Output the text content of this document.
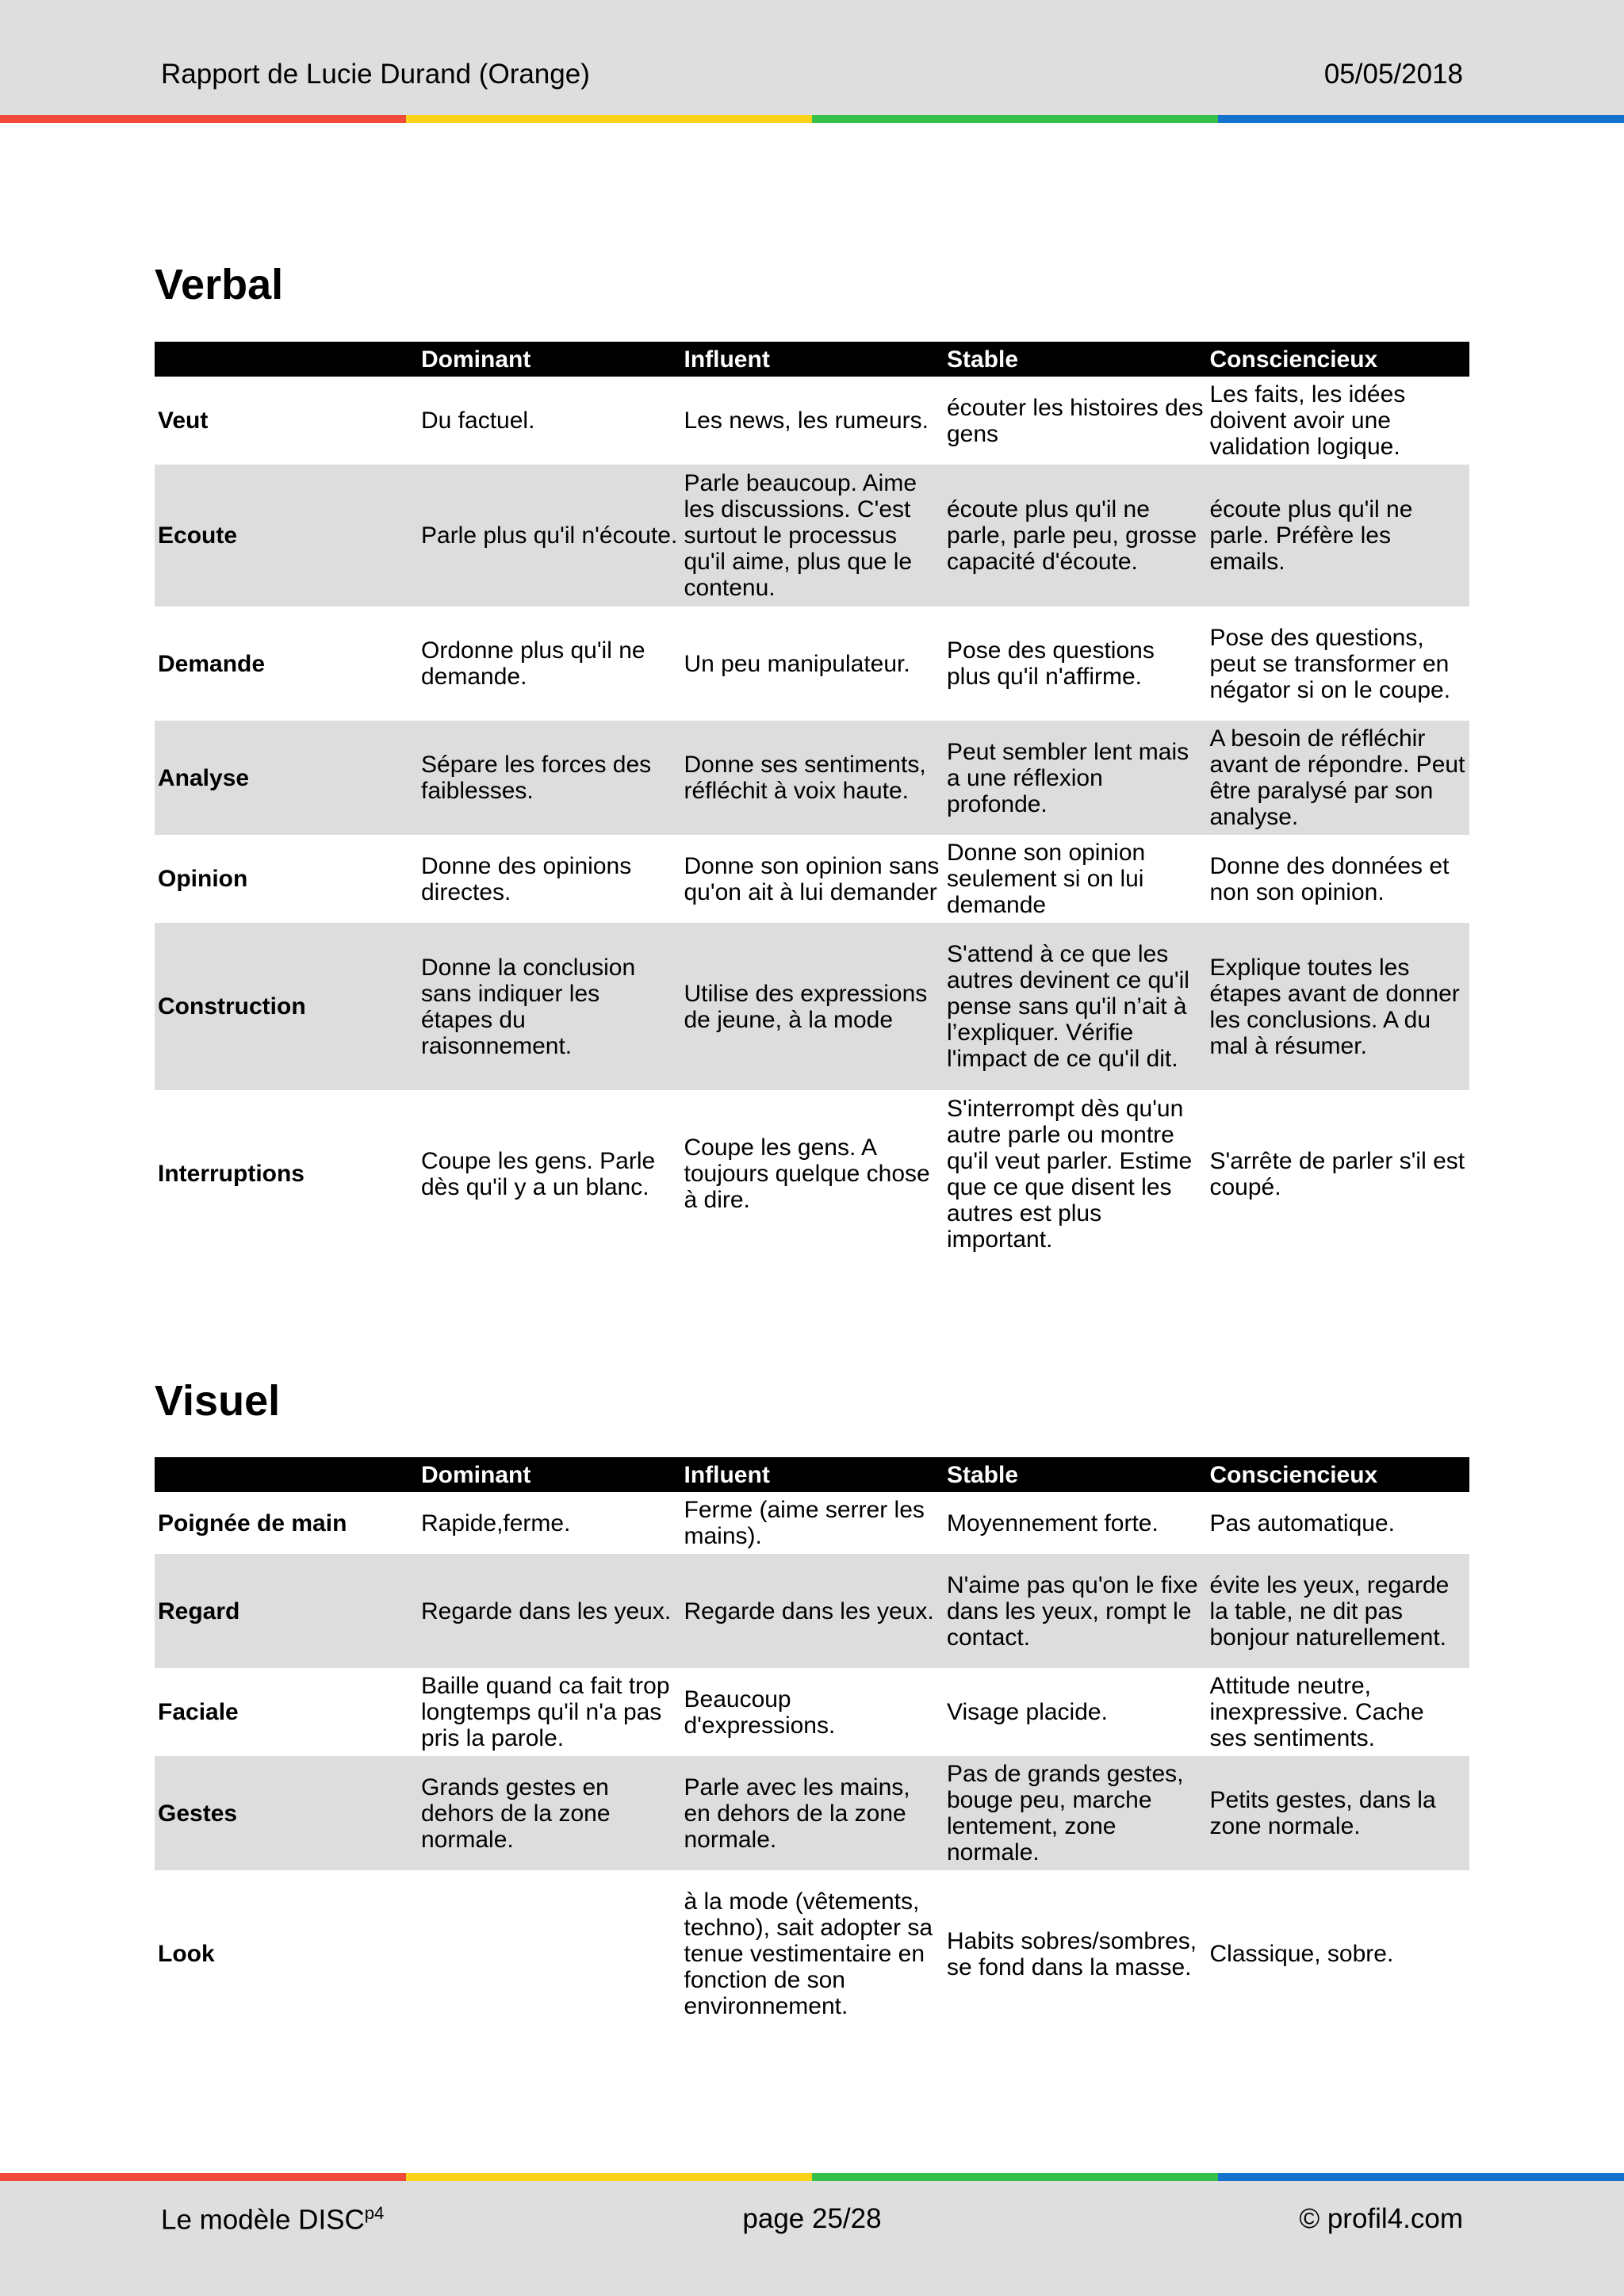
Rapport de Lucie Durand (Orange)	05/05/2018
Verbal
	Dominant	Influent	Stable	Consciencieux
Veut	Du factuel.	Les news, les rumeurs.	écouter les histoires des gens	Les faits, les idées doivent avoir une validation logique.
Ecoute	Parle plus qu'il n'écoute.	Parle beaucoup. Aime les discussions. C'est surtout le processus qu'il aime, plus que le contenu.	écoute plus qu'il ne parle, parle peu, grosse capacité d'écoute.	écoute plus qu'il ne parle. Préfère les emails.
Demande	Ordonne plus qu'il ne demande.	Un peu manipulateur.	Pose des questions plus qu'il n'affirme.	Pose des questions, peut se transformer en négator si on le coupe.
Analyse	Sépare les forces des faiblesses.	Donne ses sentiments, réfléchit à voix haute.	Peut sembler lent mais a une réflexion profonde.	A besoin de réfléchir avant de répondre. Peut être paralysé par son analyse.
Opinion	Donne des opinions directes.	Donne son opinion sans qu'on ait à lui demander	Donne son opinion seulement si on lui demande	Donne des données et non son opinion.
Construction	Donne la conclusion sans indiquer les étapes du raisonnement.	Utilise des expressions de jeune, à la mode	S'attend à ce que les autres devinent ce qu'il pense sans qu'il n’ait à l’expliquer. Vérifie l'impact de ce qu'il dit.	Explique toutes les étapes avant de donner les conclusions. A du mal à résumer.
Interruptions	Coupe les gens. Parle dès qu'il y a un blanc.	Coupe les gens. A toujours quelque chose à dire.	S'interrompt dès qu'un autre parle ou montre qu'il veut parler. Estime que ce que disent les autres est plus important.	S'arrête de parler s'il est coupé.
Visuel
	Dominant	Influent	Stable	Consciencieux
Poignée de main	Rapide,ferme.	Ferme (aime serrer les mains).	Moyennement forte.	Pas automatique.
Regard	Regarde dans les yeux.	Regarde dans les yeux.	N'aime pas qu'on le fixe dans les yeux, rompt le contact.	évite les yeux, regarde la table, ne dit pas bonjour naturellement.
Faciale	Baille quand ca fait trop longtemps qu'il n'a pas pris la parole.	Beaucoup d'expressions.	Visage placide.	Attitude neutre, inexpressive. Cache ses sentiments.
Gestes	Grands gestes en dehors de la zone normale.	Parle avec les mains, en dehors de la zone normale.	Pas de grands gestes, bouge peu, marche lentement, zone normale.	Petits gestes, dans la zone normale.
Look		à la mode (vêtements, techno), sait adopter sa tenue vestimentaire en fonction de son environnement.	Habits sobres/sombres, se fond dans la masse.	Classique, sobre.
Le modèle $DISC^{p4}$	page 25/28	© profil4.com
